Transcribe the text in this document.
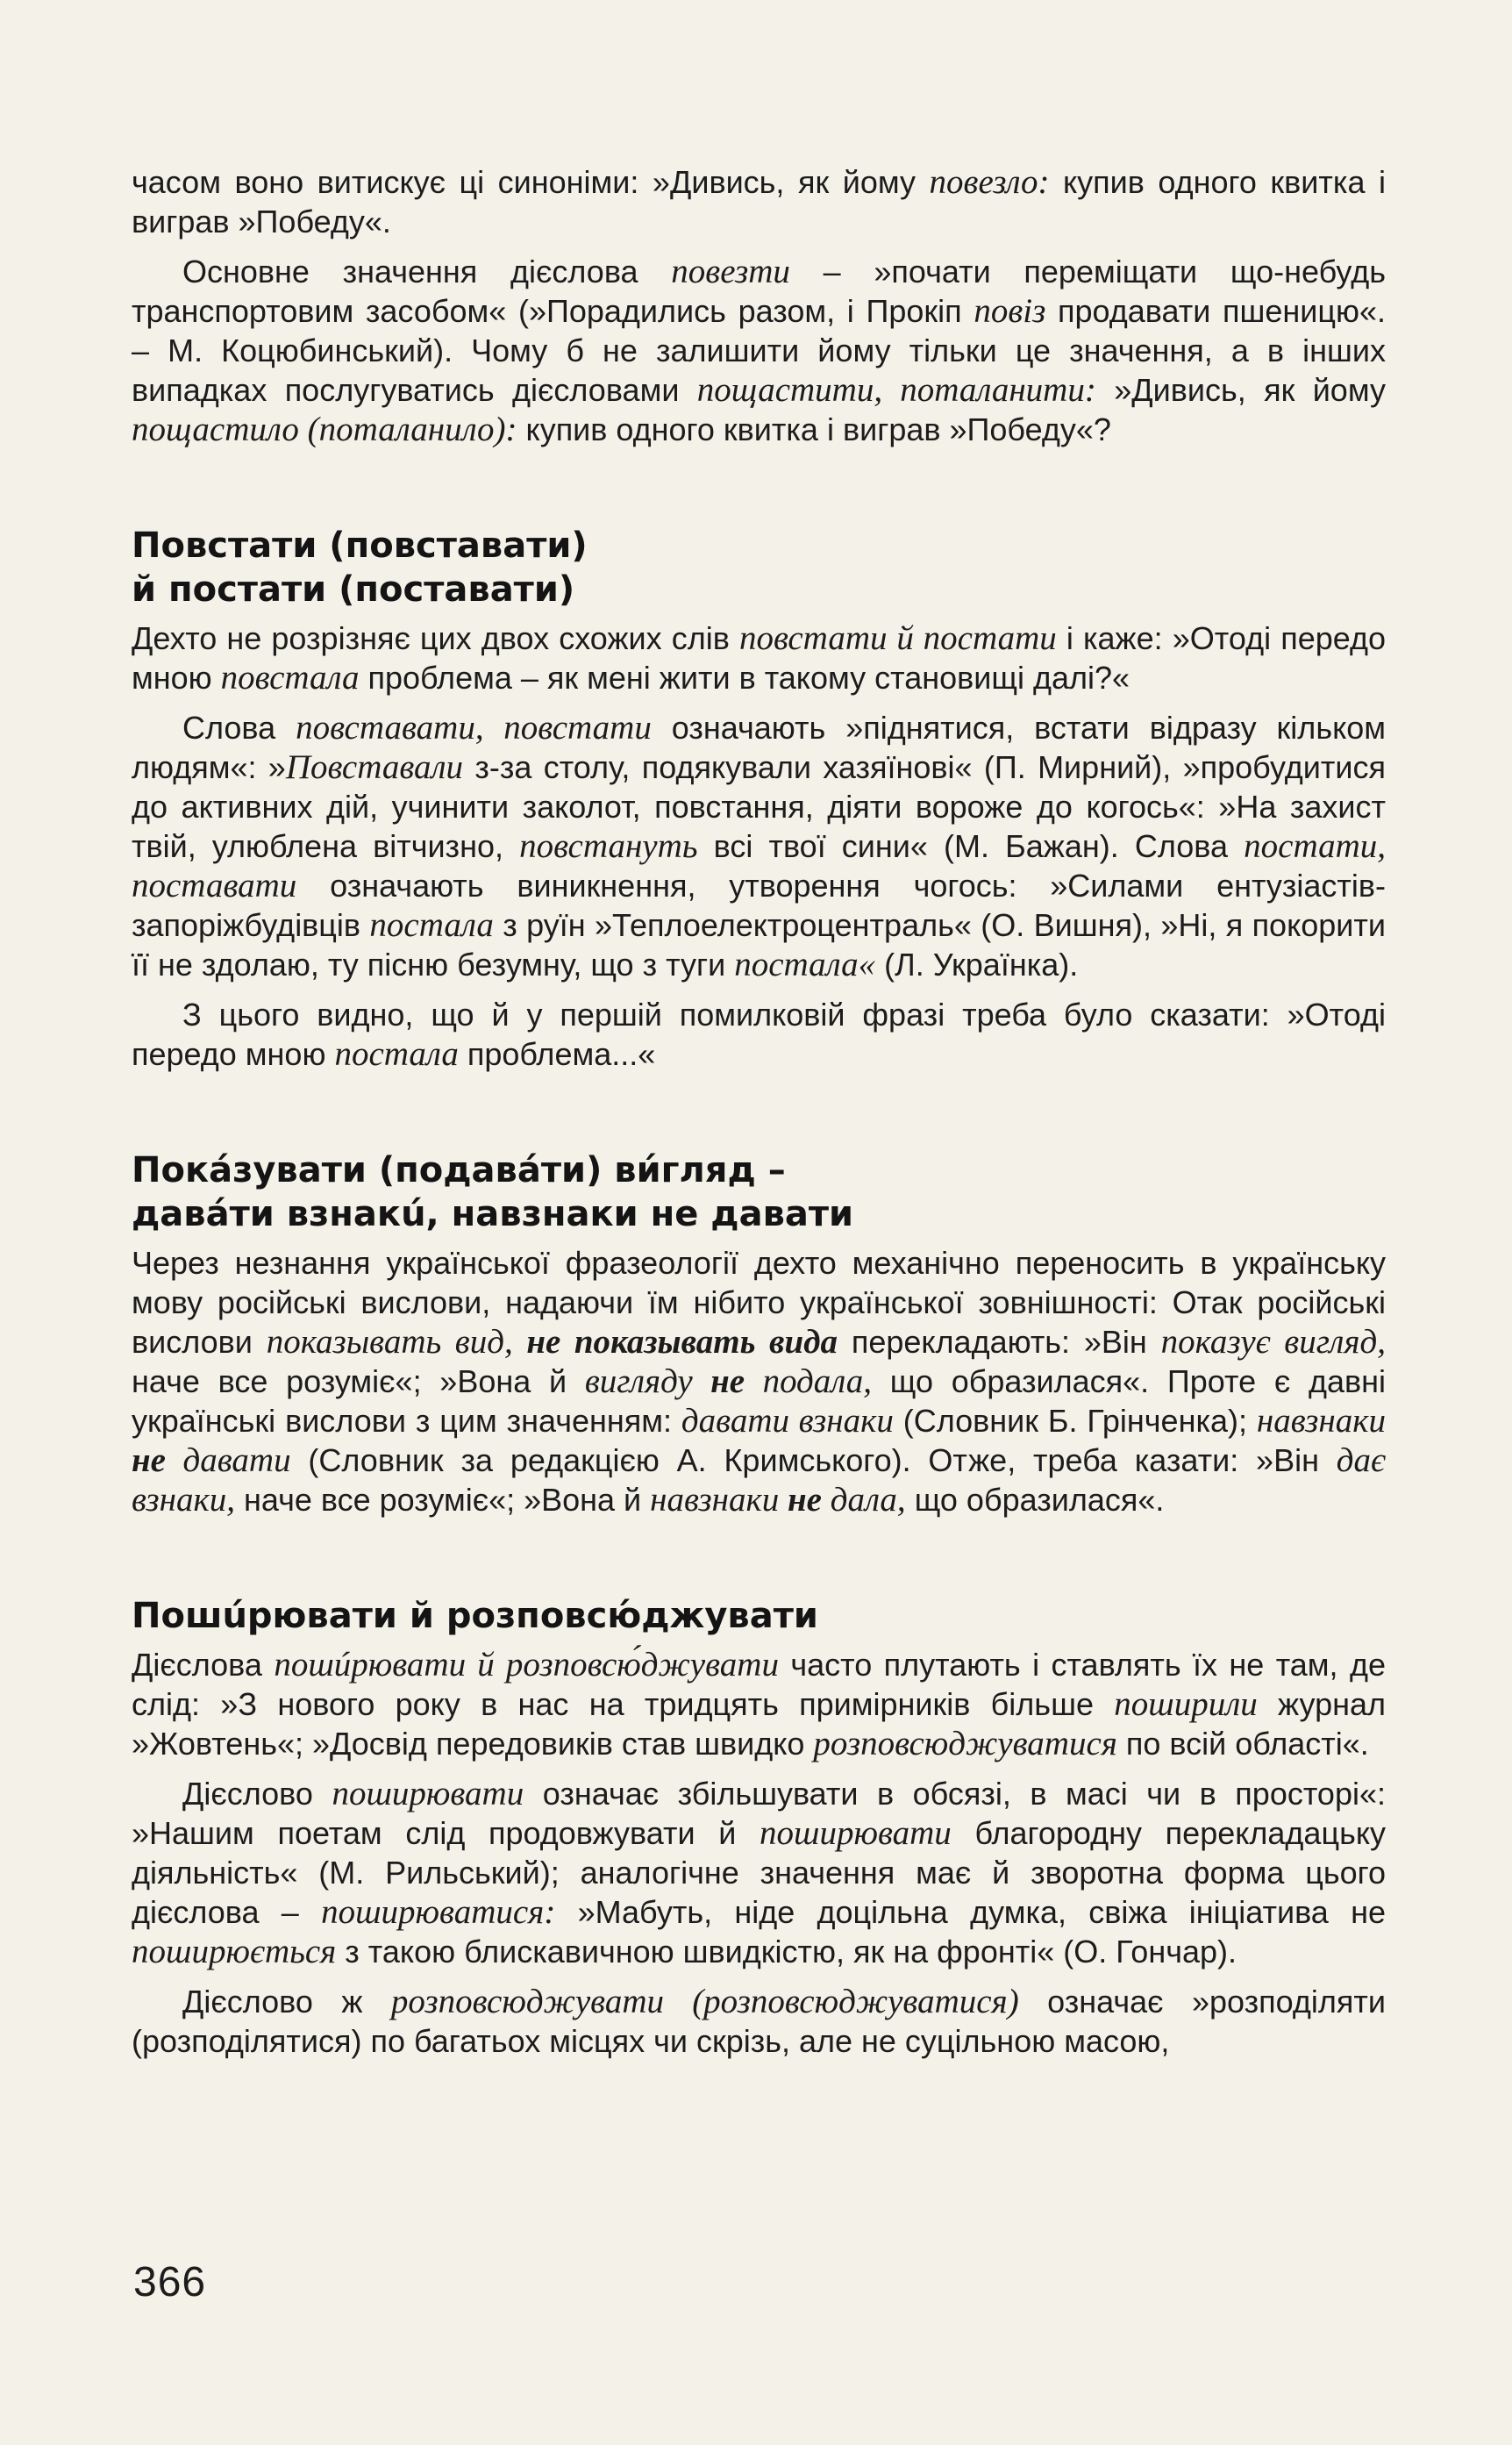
часом воно витискує ці синоніми: »Дивись, як йому повезло: купив одного квитка і виграв »Победу«.

Основне значення дієслова повезти – »почати переміщати що-небудь транспортовим засобом« (»Порадились разом, і Прокіп повіз продавати пшеницю«. – М. Коцюбинський). Чому б не залишити йому тільки це значення, а в інших випадках послугуватись дієсловами пощастити, поталанити: »Дивись, як йому пощастило (поталанило): купив одного квитка і виграв »Победу«?

Повстати (повставати)
й постати (поставати)

Дехто не розрізняє цих двох схожих слів повстати й постати і каже: »Отоді передо мною повстала проблема – як мені жити в такому становищі далі?«

Слова повставати, повстати означають »піднятися, встати відразу кільком людям«: »Повставали з-за столу, подякували хазяїнові« (П. Мирний), »пробудитися до активних дій, учинити заколот, повстання, діяти вороже до когось«: »На захист твій, улюблена вітчизно, повстануть всі твої сини« (М. Бажан). Слова постати, поставати означають виникнення, утворення чогось: »Силами ентузіастів-запоріжбудівців постала з руїн »Теплоелектроцентраль« (О. Вишня), »Ні, я покорити її не здолаю, ту пісню безумну, що з туги постала« (Л. Українка).

З цього видно, що й у першій помилковій фразі треба було сказати: »Отоді передо мною постала проблема...«

Пока́зувати (подава́ти) ви́гляд –
дава́ти взнакú, навзнаки не давати

Через незнання української фразеології дехто механічно переносить в українську мову російські вислови, надаючи їм нібито української зовнішності: Отак російські вислови показывать вид, не показывать вида перекладають: »Він показує вигляд, наче все розуміє«; »Вона й вигляду не подала, що образилася«. Проте є давні українські вислови з цим значенням: давати взнаки (Словник Б. Грінченка); навзнаки не давати (Словник за редакцією А. Кримського). Отже, треба казати: »Він дає взнаки, наче все розуміє«; »Вона й навзнаки не дала, що образилася«.

Пошúрювати й розповсю́джувати

Дієслова пошúрювати й розповсю́джувати часто плутають і ставлять їх не там, де слід: »З нового року в нас на тридцять примірників більше поширили журнал »Жовтень«; »Досвід передовиків став швидко розповсюджуватися по всій області«.

Дієслово поширювати означає збільшувати в обсязі, в масі чи в просторі«: »Нашим поетам слід продовжувати й поширювати благородну перекладацьку діяльність« (М. Рильський); аналогічне значення має й зворотна форма цього дієслова – поширюватися: »Мабуть, ніде доцільна думка, свіжа ініціатива не поширюється з такою блискавичною швидкістю, як на фронті« (О. Гончар).

Дієслово ж розповсюджувати (розповсюджуватися) означає »розподіляти (розподілятися) по багатьох місцях чи скрізь, але не суцільною масою,

366
